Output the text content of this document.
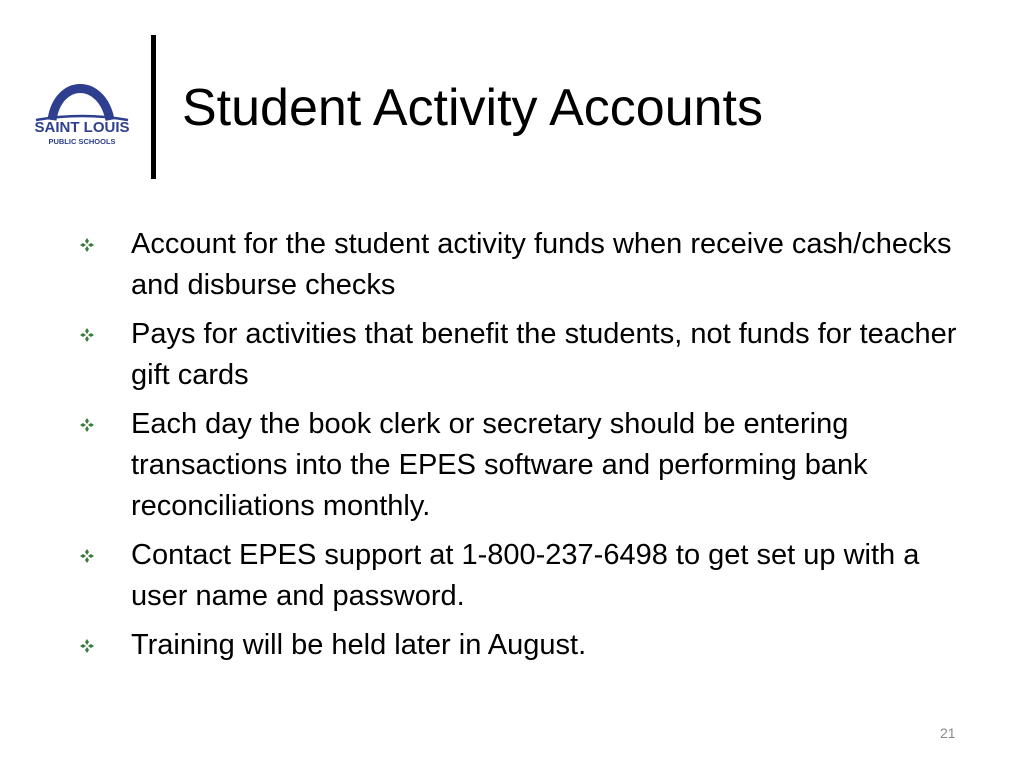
SAINT LOUIS
PUBLIC SCHOOLS
Student Activity Accounts
Account for the student activity funds when receive cash/checks and disburse checks
Pays for activities that benefit the students, not funds for teacher gift cards
Each day the book clerk or secretary should be entering transactions into the EPES software and performing bank reconciliations monthly.
Contact EPES support at 1-800-237-6498 to get set up with a user name and password.
Training will be held later in August.
21
